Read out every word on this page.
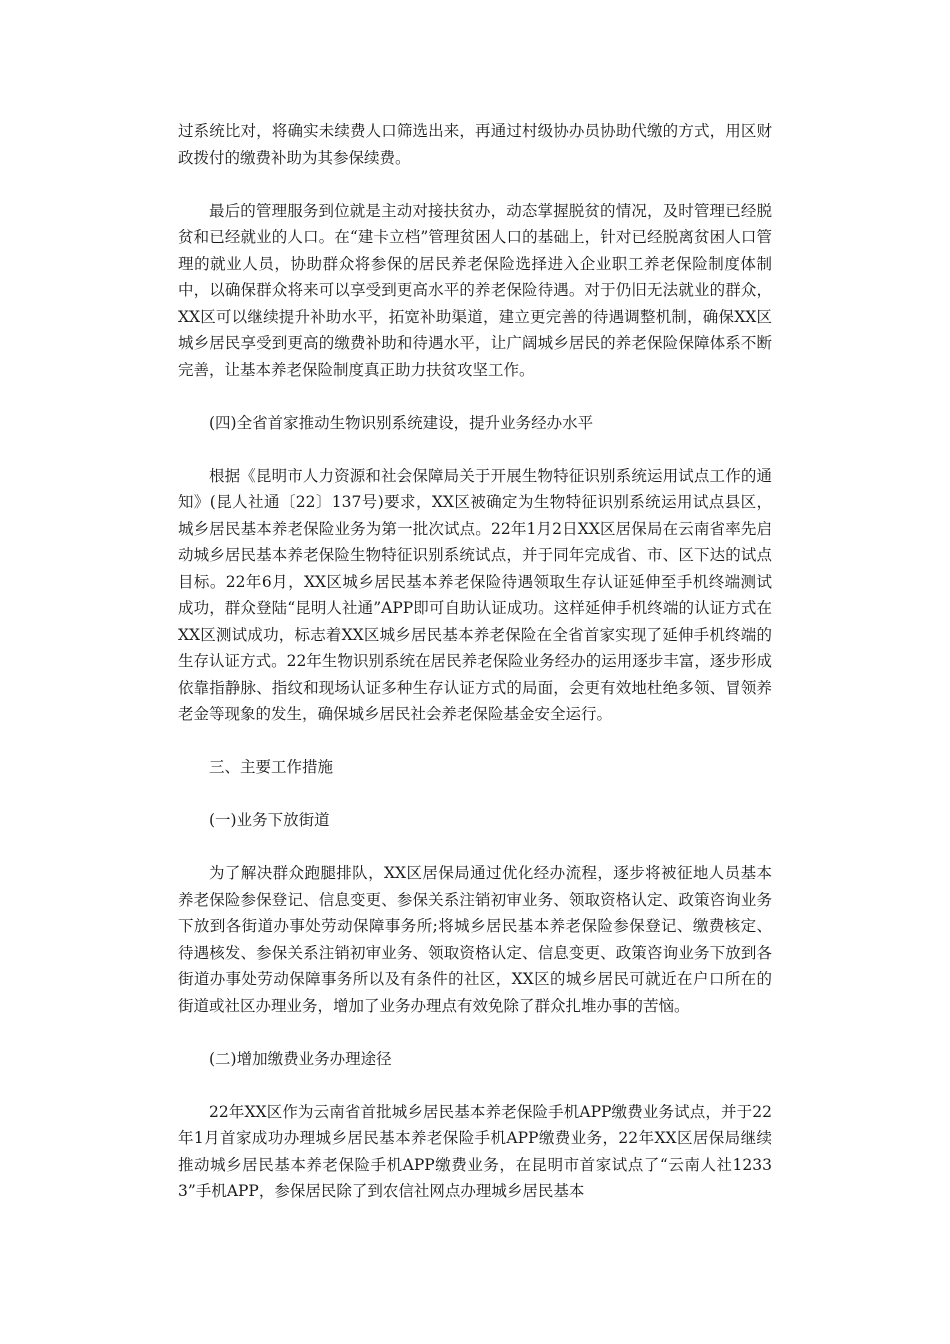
过系统比对，将确实未续费人口筛选出来，再通过村级协办员协助代缴的方式，用区财政拨付的缴费补助为其参保续费。

最后的管理服务到位就是主动对接扶贫办，动态掌握脱贫的情况，及时管理已经脱贫和已经就业的人口。在“建卡立档”管理贫困人口的基础上，针对已经脱离贫困人口管理的就业人员，协助群众将参保的居民养老保险选择进入企业职工养老保险制度体制中，以确保群众将来可以享受到更高水平的养老保险待遇。对于仍旧无法就业的群众，XX区可以继续提升补助水平，拓宽补助渠道，建立更完善的待遇调整机制，确保XX区城乡居民享受到更高的缴费补助和待遇水平，让广阔城乡居民的养老保险保障体系不断完善，让基本养老保险制度真正助力扶贫攻坚工作。

(四)全省首家推动生物识别系统建设，提升业务经办水平

根据《昆明市人力资源和社会保障局关于开展生物特征识别系统运用试点工作的通知》(昆人社通〔22〕137号)要求，XX区被确定为生物特征识别系统运用试点县区，城乡居民基本养老保险业务为第一批次试点。22年1月2日XX区居保局在云南省率先启动城乡居民基本养老保险生物特征识别系统试点，并于同年完成省、市、区下达的试点目标。22年6月，XX区城乡居民基本养老保险待遇领取生存认证延伸至手机终端测试成功，群众登陆“昆明人社通”APP即可自助认证成功。这样延伸手机终端的认证方式在XX区测试成功，标志着XX区城乡居民基本养老保险在全省首家实现了延伸手机终端的生存认证方式。22年生物识别系统在居民养老保险业务经办的运用逐步丰富，逐步形成依靠指静脉、指纹和现场认证多种生存认证方式的局面，会更有效地杜绝多领、冒领养老金等现象的发生，确保城乡居民社会养老保险基金安全运行。

三、主要工作措施

(一)业务下放街道

为了解决群众跑腿排队，XX区居保局通过优化经办流程，逐步将被征地人员基本养老保险参保登记、信息变更、参保关系注销初审业务、领取资格认定、政策咨询业务下放到各街道办事处劳动保障事务所;将城乡居民基本养老保险参保登记、缴费核定、待遇核发、参保关系注销初审业务、领取资格认定、信息变更、政策咨询业务下放到各街道办事处劳动保障事务所以及有条件的社区，XX区的城乡居民可就近在户口所在的街道或社区办理业务，增加了业务办理点有效免除了群众扎堆办事的苦恼。

(二)增加缴费业务办理途径

22年XX区作为云南省首批城乡居民基本养老保险手机APP缴费业务试点，并于22年1月首家成功办理城乡居民基本养老保险手机APP缴费业务，22年XX区居保局继续推动城乡居民基本养老保险手机APP缴费业务，在昆明市首家试点了“云南人社12333”手机APP，参保居民除了到农信社网点办理城乡居民基本
